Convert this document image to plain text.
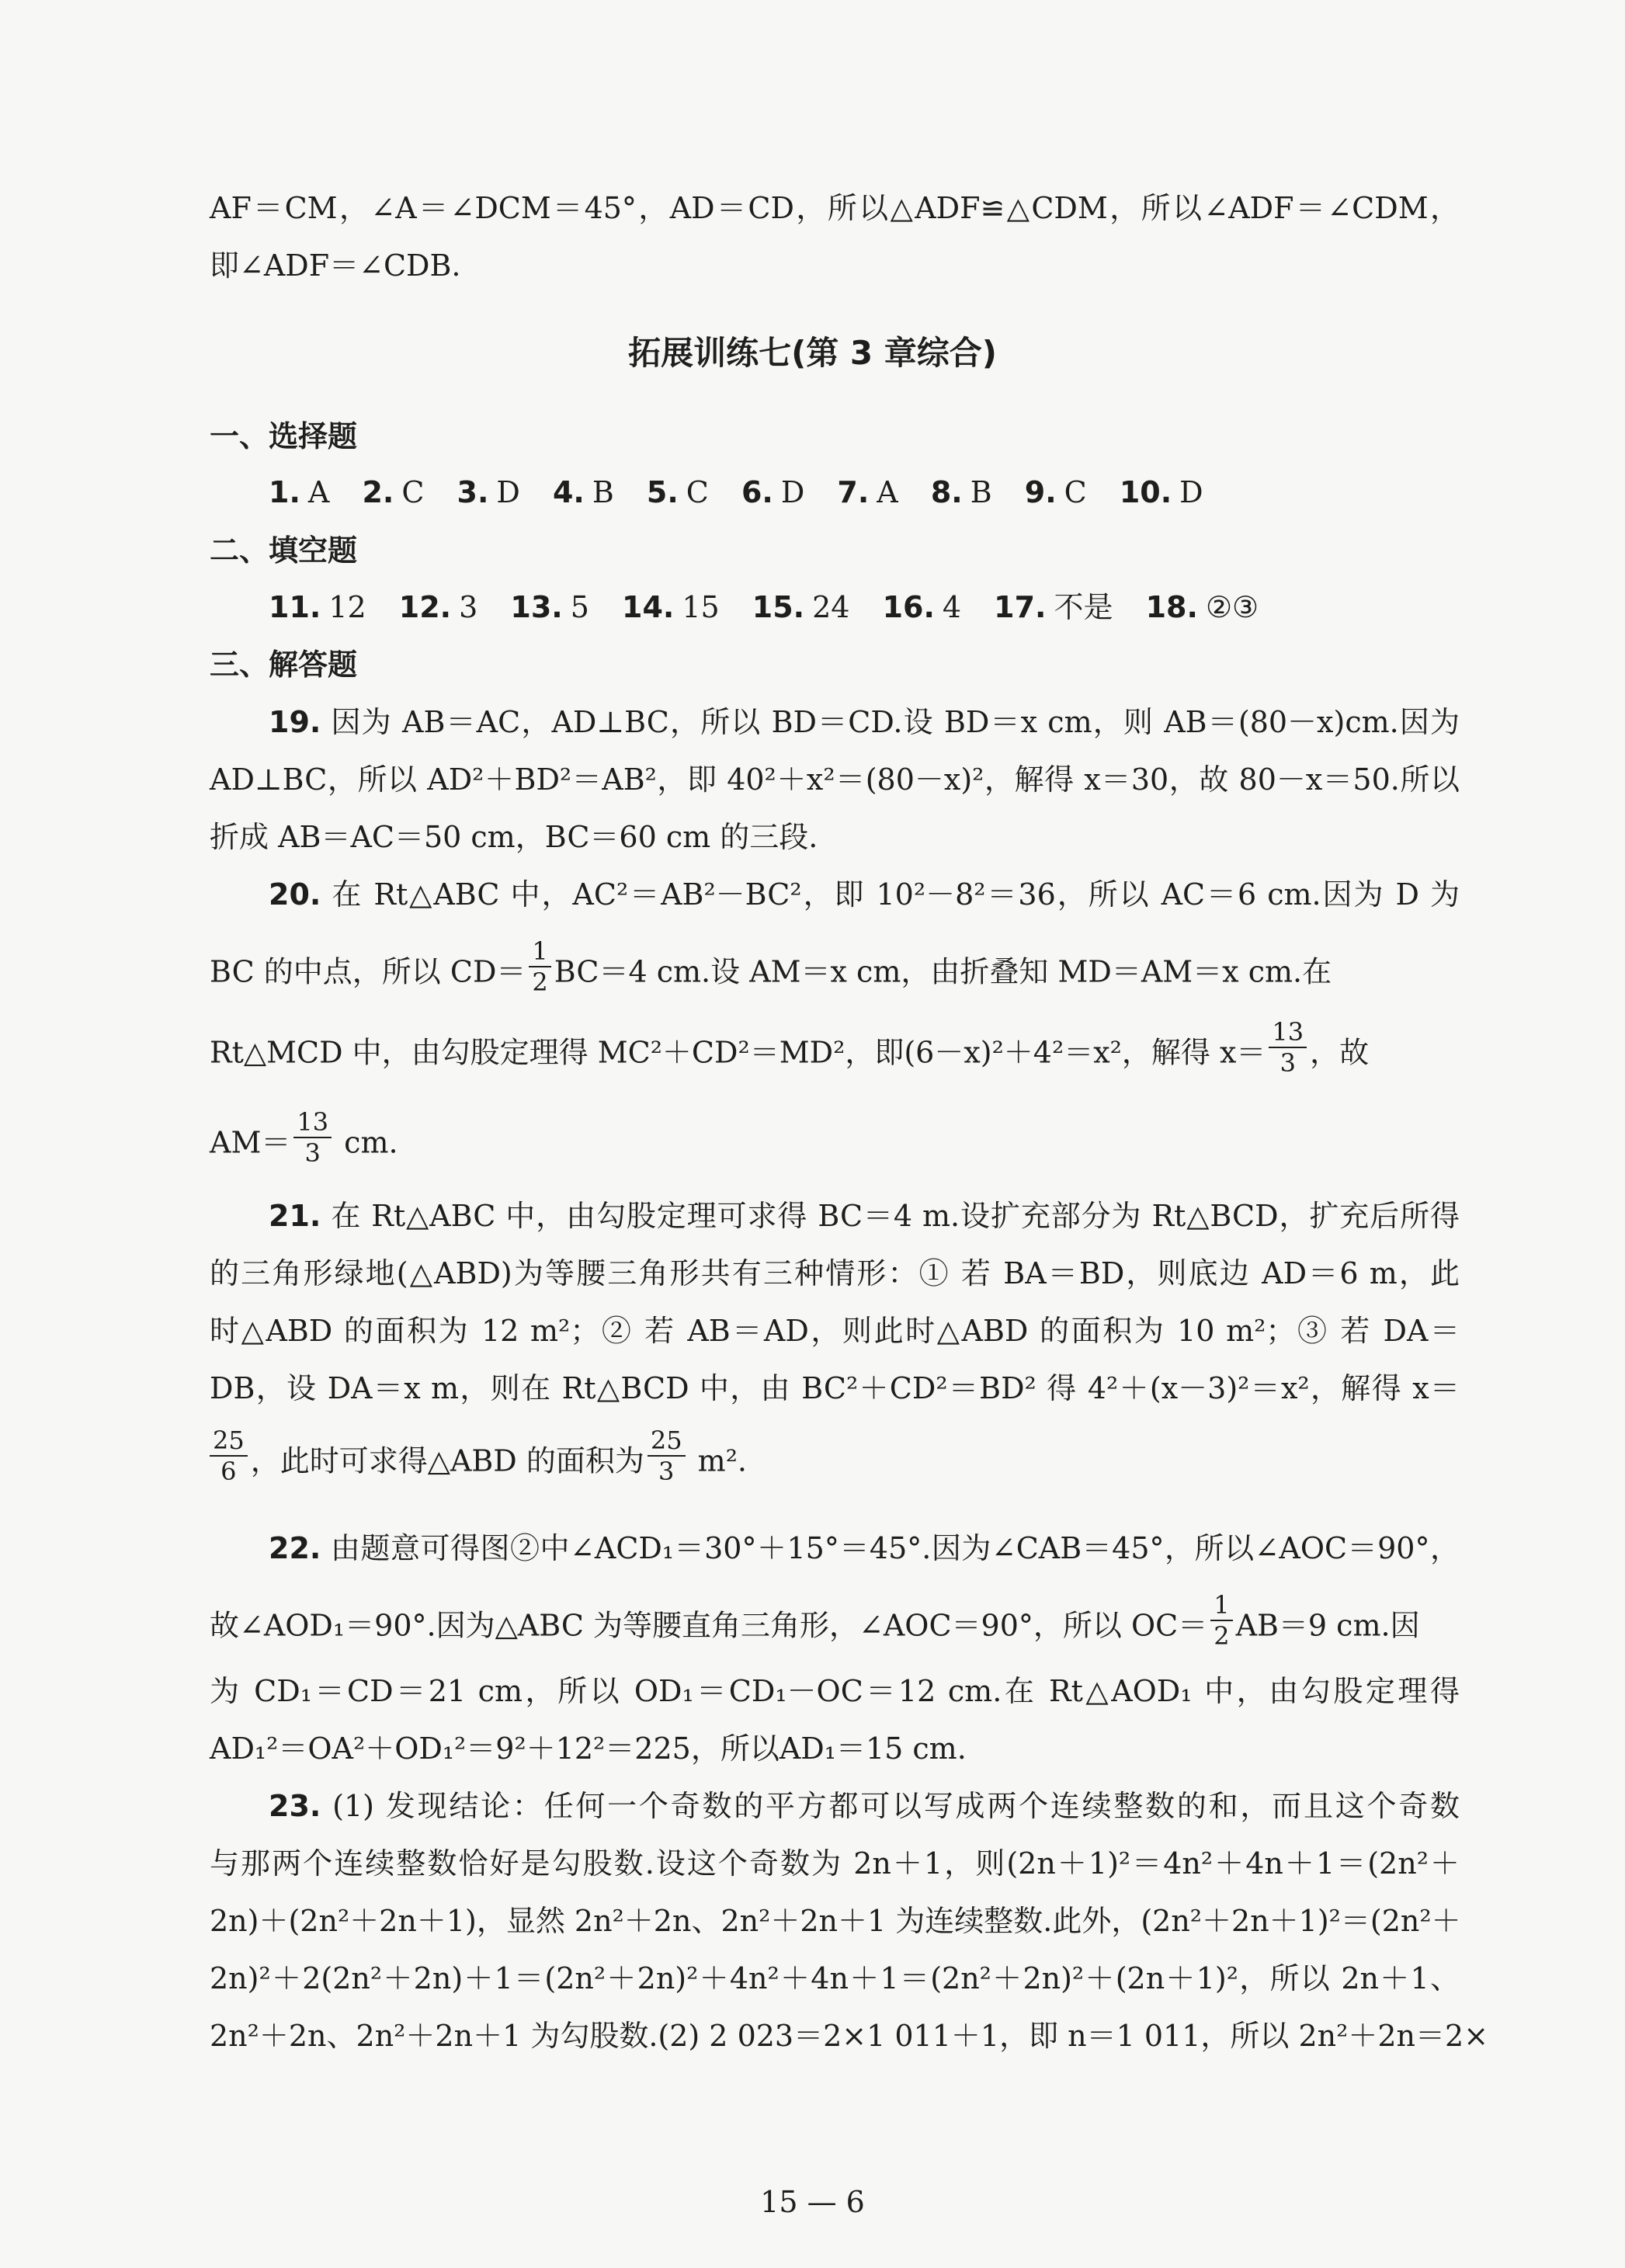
AF＝CM，∠A＝∠DCM＝45°，AD＝CD，所以△ADF≌△CDM，所以∠ADF＝∠CDM，
即∠ADF＝∠CDB.
拓展训练七(第 3 章综合)
一、选择题
1. A 2. C 3. D 4. B 5. C 6. D 7. A 8. B 9. C 10. D
二、填空题
11. 12 12. 3 13. 5 14. 15 15. 24 16. 4 17. 不是 18. ②③
三、解答题
19. 因为 AB＝AC，AD⊥BC，所以 BD＝CD.设 BD＝x cm，则 AB＝(80－x)cm.因为
AD⊥BC，所以 AD²＋BD²＝AB²，即 40²＋x²＝(80－x)²，解得 x＝30，故 80－x＝50.所以
折成 AB＝AC＝50 cm，BC＝60 cm 的三段.
20. 在 Rt△ABC 中，AC²＝AB²－BC²，即 10²－8²＝36，所以 AC＝6 cm.因为 D 为
BC 的中点，所以 $CD= \frac{1}{2} BC=4$ cm.设 AM＝x cm，由折叠知 MD＝AM＝x cm.在
Rt△MCD 中，由勾股定理得 MC²＋CD²＝MD²，即(6－x)²＋4²＝x²，解得 $x= \frac{13}{3}$ ，故
$AM= \frac{13}{3}$ cm.
21. 在 Rt△ABC 中，由勾股定理可求得 BC＝4 m.设扩充部分为 Rt△BCD，扩充后所得
的三角形绿地(△ABD)为等腰三角形共有三种情形：① 若 BA＝BD，则底边 AD＝6 m，此
时△ABD 的面积为 12 m²；② 若 AB＝AD，则此时△ABD 的面积为 10 m²；③ 若 DA＝
DB，设 DA＝x m，则在 Rt△BCD 中，由 BC²＋CD²＝BD² 得 4²＋(x－3)²＝x²，解得 x＝
$\frac{25}{6}$ ，此时可求得△ABD 的面积为 $\frac{25}{3} m^2$.
22. 由题意可得图②中∠ACD₁＝30°＋15°＝45°.因为∠CAB＝45°，所以∠AOC＝90°，
故∠AOD₁＝90°.因为△ABC 为等腰直角三角形，∠AOC＝90°，所以 $OC= \frac{1}{2} AB=9$ cm.因
为 CD₁＝CD＝21 cm，所以 OD₁＝CD₁－OC＝12 cm.在 Rt△AOD₁ 中，由勾股定理得
AD₁²＝OA²＋OD₁²＝9²＋12²＝225，所以AD₁＝15 cm.
23. (1) 发现结论：任何一个奇数的平方都可以写成两个连续整数的和，而且这个奇数
与那两个连续整数恰好是勾股数.设这个奇数为 2n＋1，则(2n＋1)²＝4n²＋4n＋1＝(2n²＋
2n)＋(2n²＋2n＋1)，显然 2n²＋2n、2n²＋2n＋1 为连续整数.此外，(2n²＋2n＋1)²＝(2n²＋
2n)²＋2(2n²＋2n)＋1＝(2n²＋2n)²＋4n²＋4n＋1＝(2n²＋2n)²＋(2n＋1)²，所以 2n＋1、
2n²＋2n、2n²＋2n＋1 为勾股数.(2) 2 023＝2×1 011＋1，即 n＝1 011，所以 2n²＋2n＝2×
15 — 6
